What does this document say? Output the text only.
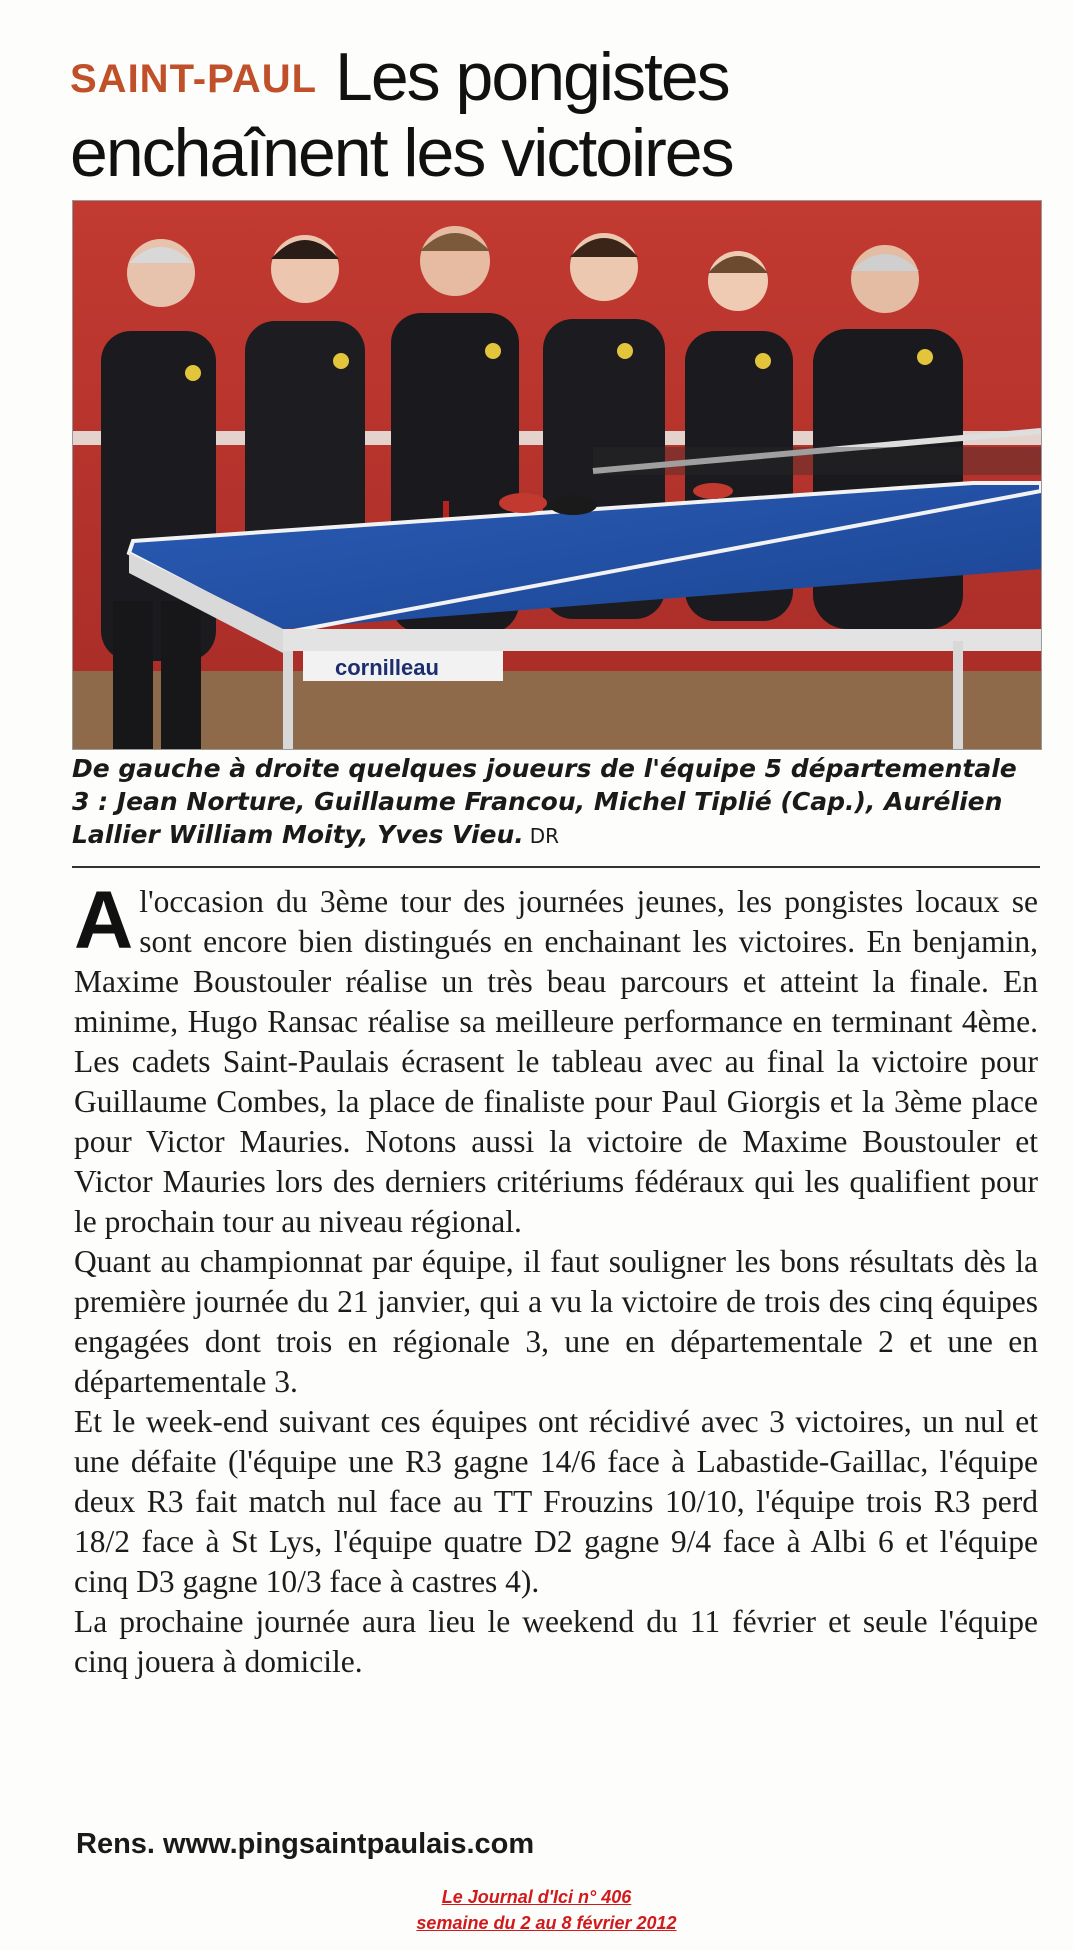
SAINT-PAUL Les pongistes
enchaînent les victoires
cornilleau
De gauche à droite quelques joueurs de l'équipe 5 départementale 3 : Jean Norture, Guillaume Francou, Michel Tiplié (Cap.), Aurélien Lallier William Moity, Yves Vieu. DR

Al'occasion du 3ème tour des journées jeunes, les pongistes locaux se sont encore bien distingués en enchainant les victoires. En benjamin, Maxime Boustouler réalise un très beau parcours et atteint la finale. En minime, Hugo Ransac réalise sa meilleure performance en terminant 4ème. Les cadets Saint-Paulais écrasent le tableau avec au final la victoire pour Guillaume Combes, la place de finaliste pour Paul Giorgis et la 3ème place pour Victor Mauries. Notons aussi la victoire de Maxime Boustouler et Victor Mauries lors des derniers critériums fédéraux qui les qualifient pour le prochain tour au niveau régional.

Quant au championnat par équipe, il faut souligner les bons résultats dès la première journée du 21 janvier, qui a vu la victoire de trois des cinq équipes engagées dont trois en régionale 3, une en départementale 2 et une en départementale 3.

Et le week-end suivant ces équipes ont récidivé avec 3 victoires, un nul et une défaite (l'équipe une R3 gagne 14/6 face à Labastide-Gaillac, l'équipe deux R3 fait match nul face au TT Frouzins 10/10, l'équipe trois R3 perd 18/2 face à St Lys, l'équipe quatre D2 gagne 9/4 face à Albi 6 et l'équipe cinq D3 gagne 10/3 face à castres 4).

La prochaine journée aura lieu le weekend du 11 février et seule l'équipe cinq jouera à domicile.

Rens. www.pingsaintpaulais.com
Le Journal d'Ici n° 406
semaine du 2 au 8 février 2012
